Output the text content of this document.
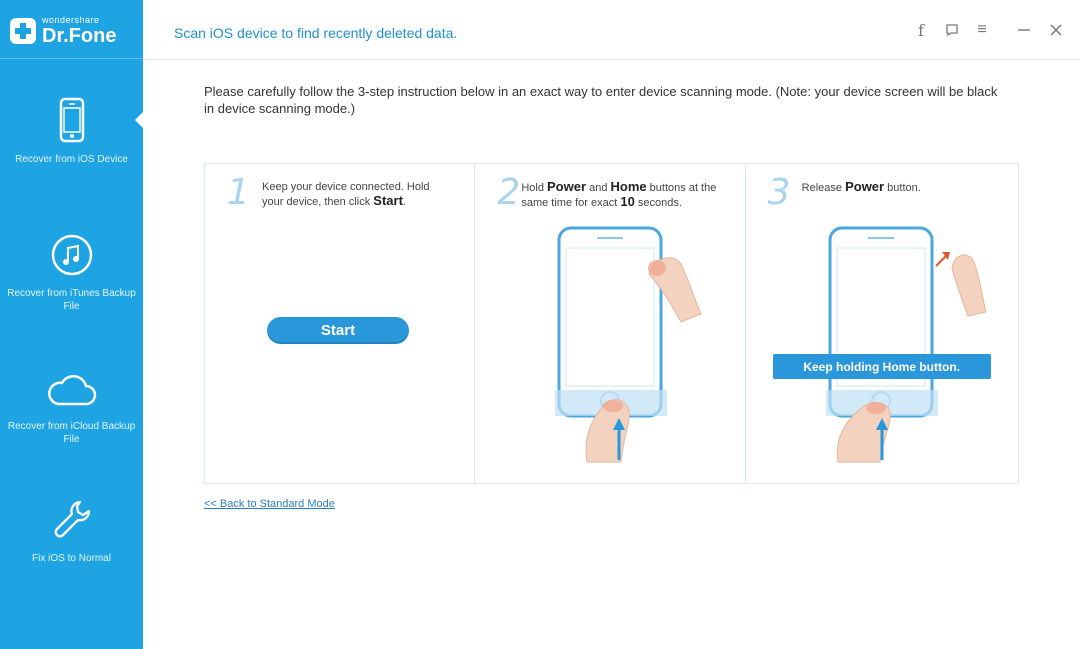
wondershare
Dr.Fone
Recover from iOS Device
Recover from iTunes Backup File
Recover from iCloud Backup File
Fix iOS to Normal
Scan iOS device to find recently deleted data.	f	≡
Please carefully follow the 3-step instruction below in an exact way to enter device scanning mode. (Note: your device screen will be black in device scanning mode.)
1 Keep your device connected. Hold your device, then click Start.
Start
2 Hold Power and Home buttons at the same time for exact 10 seconds.	3 Release Power button.
Keep holding Home button.
<< Back to Standard Mode
